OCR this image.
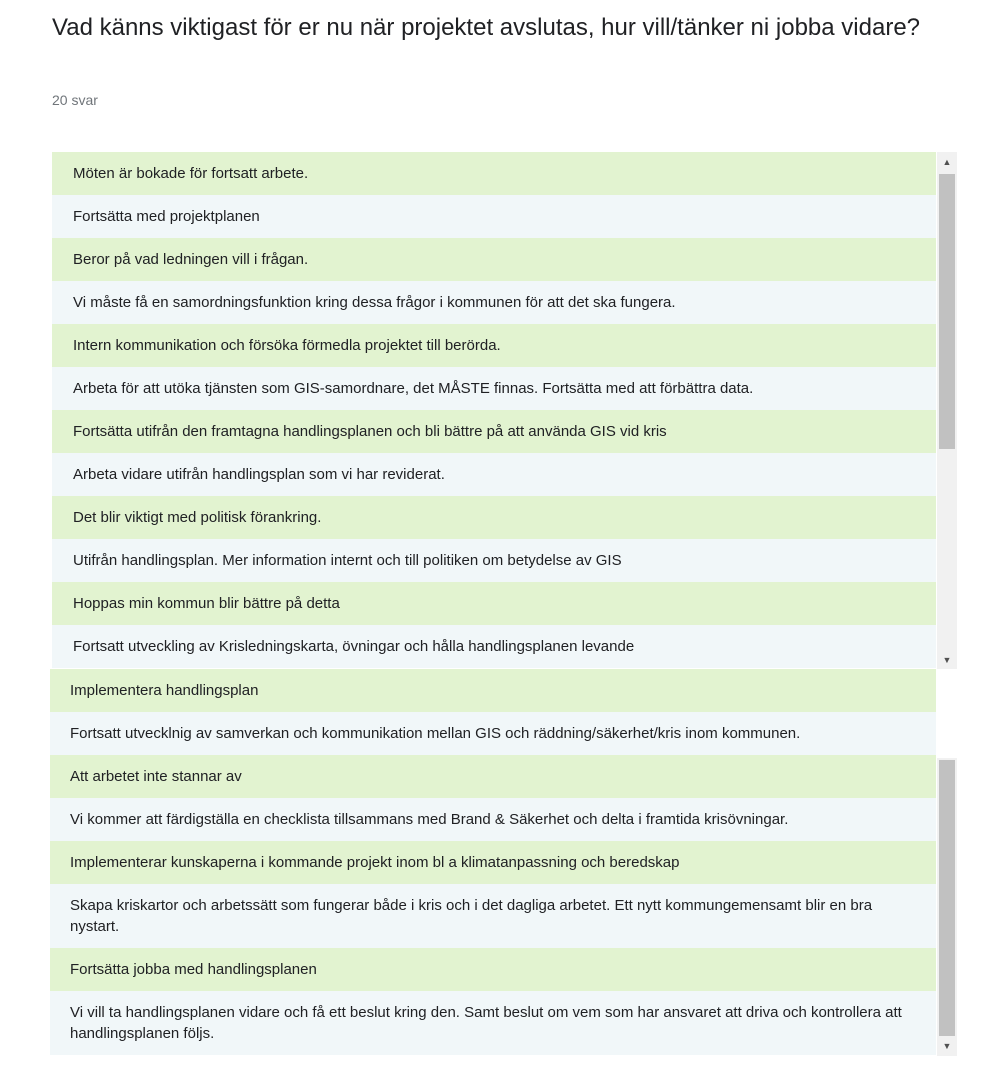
Vad känns viktigast för er nu när projektet avslutas, hur vill/tänker ni jobba vidare?
20 svar
Möten är bokade för fortsatt arbete.
Fortsätta med projektplanen
Beror på vad ledningen vill i frågan.
Vi måste få en samordningsfunktion kring dessa frågor i kommunen för att det ska fungera.
Intern kommunikation och försöka förmedla projektet till berörda.
Arbeta för att utöka tjänsten som GIS-samordnare, det MÅSTE finnas. Fortsätta med att förbättra data.
Fortsätta utifrån den framtagna handlingsplanen och bli bättre på att använda GIS vid kris
Arbeta vidare utifrån handlingsplan som vi har reviderat.
Det blir viktigt med politisk förankring.
Utifrån handlingsplan. Mer information internt och till politiken om betydelse av GIS
Hoppas min kommun blir bättre på detta
Fortsatt utveckling av Krisledningskarta, övningar och hålla handlingsplanen levande
▲
▼
Implementera handlingsplan
Fortsatt utvecklnig av samverkan och kommunikation mellan GIS och räddning/säkerhet/kris inom kommunen.
Att arbetet inte stannar av
Vi kommer att färdigställa en checklista tillsammans med Brand & Säkerhet och delta i framtida krisövningar.
Implementerar kunskaperna i kommande projekt inom bl a klimatanpassning och beredskap
Skapa kriskartor och arbetssätt som fungerar både i kris och i det dagliga arbetet. Ett nytt kommungemensamt blir en bra nystart.
Fortsätta jobba med handlingsplanen
Vi vill ta handlingsplanen vidare och få ett beslut kring den. Samt beslut om vem som har ansvaret att driva och kontrollera att handlingsplanen följs.
▼
